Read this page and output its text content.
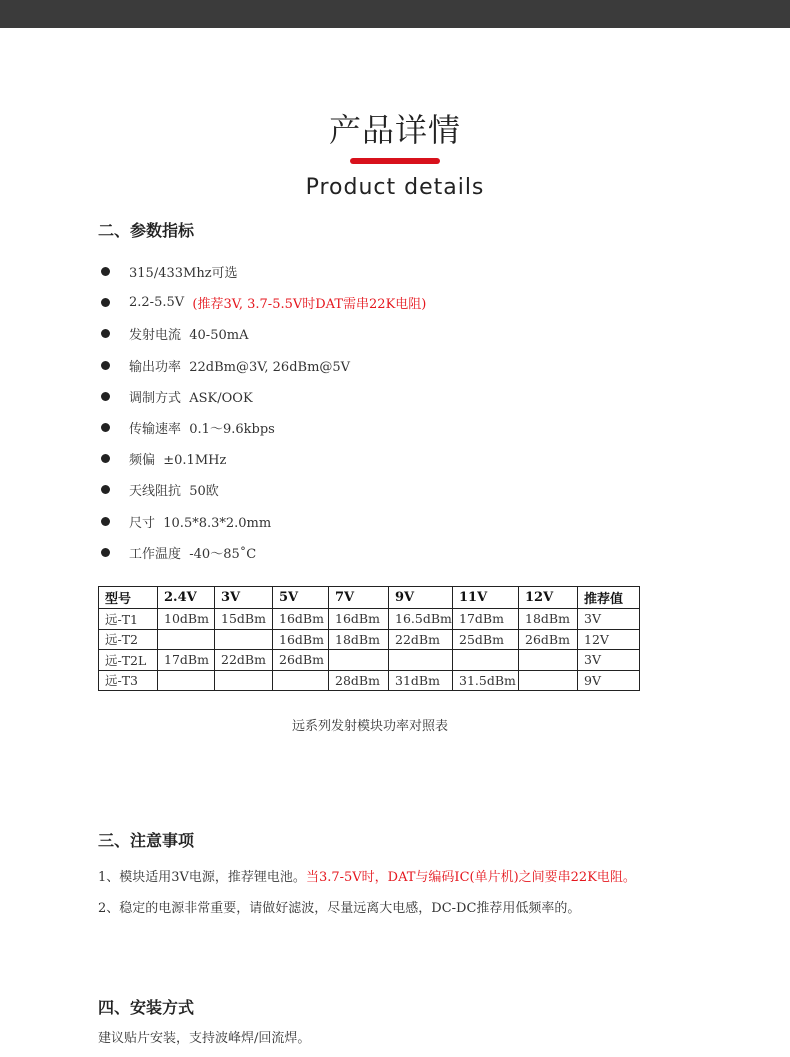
产品详情
Product details
二、参数指标
315/433Mhz可选
2.2-5.5V (推荐3V, 3.7-5.5V时DAT需串22K电阻)
发射电流  40-50mA
输出功率  22dBm@3V, 26dBm@5V
调制方式  ASK/OOK
传输速率  0.1～9.6kbps
频偏  ±0.1MHz
天线阻抗  50欧
尺寸  10.5*8.3*2.0mm
工作温度  -40～85˚C
型号	2.4V	3V	5V	7V	9V	11V	12V	推荐值
远-T1	10dBm	15dBm	16dBm	16dBm	16.5dBm	17dBm	18dBm	3V
远-T2			16dBm	18dBm	22dBm	25dBm	26dBm	12V
远-T2L	17dBm	22dBm	26dBm					3V
远-T3				28dBm	31dBm	31.5dBm		9V
远系列发射模块功率对照表
三、注意事项
1、模块适用3V电源，推荐锂电池。当3.7-5V时，DAT与编码IC(单片机)之间要串22K电阻。
2、稳定的电源非常重要，请做好滤波，尽量远离大电感，DC-DC推荐用低频率的。
四、安装方式
建议贴片安装，支持波峰焊/回流焊。
